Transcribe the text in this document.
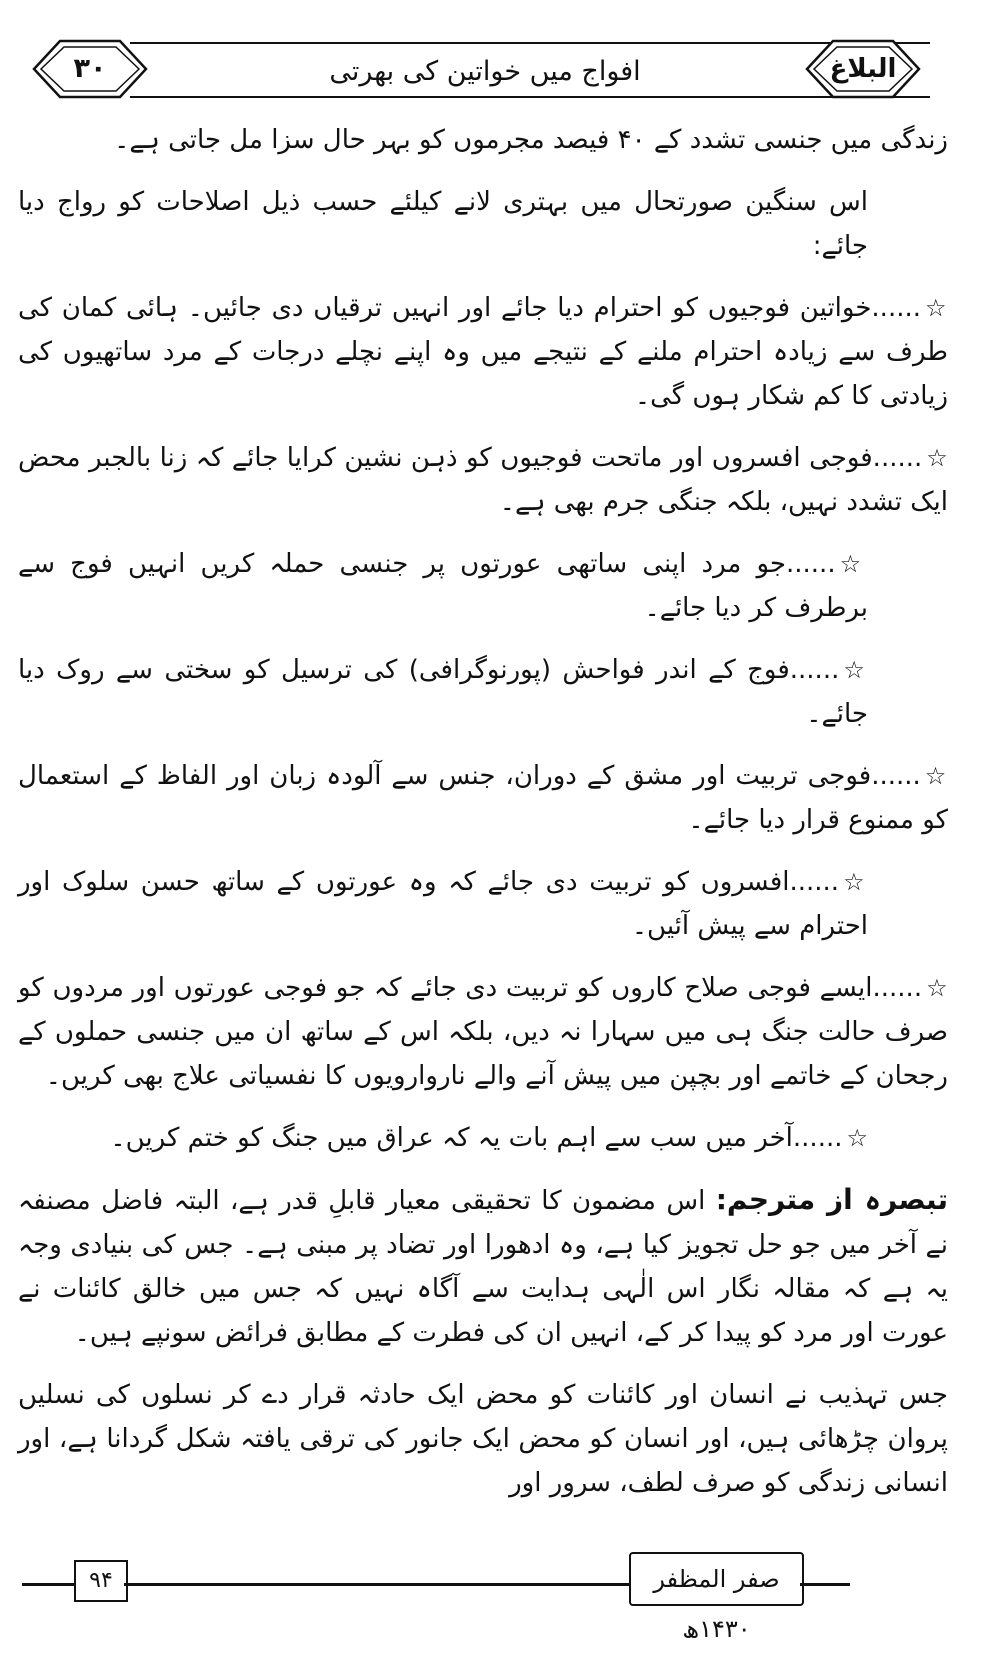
۳۰	افواج میں خواتین کی بھرتی	البلاغ

زندگی میں جنسی تشدد کے ۴۰ فیصد مجرموں کو بہر حال سزا مل جاتی ہے۔

اس سنگین صورتحال میں بہتری لانے کیلئے حسب ذیل اصلاحات کو رواج دیا جائے:

☆......خواتین فوجیوں کو احترام دیا جائے اور انہیں ترقیاں دی جائیں۔ ہائی کمان کی طرف سے زیادہ احترام ملنے کے نتیجے میں وہ اپنے نچلے درجات کے مرد ساتھیوں کی زیادتی کا کم شکار ہوں گی۔

☆......فوجی افسروں اور ماتحت فوجیوں کو ذہن نشین کرایا جائے کہ زنا بالجبر محض ایک تشدد نہیں، بلکہ جنگی جرم بھی ہے۔

☆......جو مرد اپنی ساتھی عورتوں پر جنسی حملہ کریں انہیں فوج سے برطرف کر دیا جائے۔

☆......فوج کے اندر فواحش (پورنوگرافی) کی ترسیل کو سختی سے روک دیا جائے۔

☆......فوجی تربیت اور مشق کے دوران، جنس سے آلودہ زبان اور الفاظ کے استعمال کو ممنوع قرار دیا جائے۔

☆......افسروں کو تربیت دی جائے کہ وہ عورتوں کے ساتھ حسن سلوک اور احترام سے پیش آئیں۔

☆......ایسے فوجی صلاح کاروں کو تربیت دی جائے کہ جو فوجی عورتوں اور مردوں کو صرف حالت جنگ ہی میں سہارا نہ دیں، بلکہ اس کے ساتھ ان میں جنسی حملوں کے رجحان کے خاتمے اور بچپن میں پیش آنے والے ناروارویوں کا نفسیاتی علاج بھی کریں۔

☆......آخر میں سب سے اہم بات یہ کہ عراق میں جنگ کو ختم کریں۔

تبصرہ از مترجم: اس مضمون کا تحقیقی معیار قابلِ قدر ہے، البتہ فاضل مصنفہ نے آخر میں جو حل تجویز کیا ہے، وہ ادھورا اور تضاد پر مبنی ہے۔ جس کی بنیادی وجہ یہ ہے کہ مقالہ نگار اس الٰہی ہدایت سے آگاہ نہیں کہ جس میں خالق کائنات نے عورت اور مرد کو پیدا کر کے، انہیں ان کی فطرت کے مطابق فرائض سونپے ہیں۔

جس تہذیب نے انسان اور کائنات کو محض ایک حادثہ قرار دے کر نسلوں کی نسلیں پروان چڑھائی ہیں، اور انسان کو محض ایک جانور کی ترقی یافتہ شکل گردانا ہے، اور انسانی زندگی کو صرف لطف، سرور اور

۹۴	صفر المظفر ۱۴۳۰ھ
